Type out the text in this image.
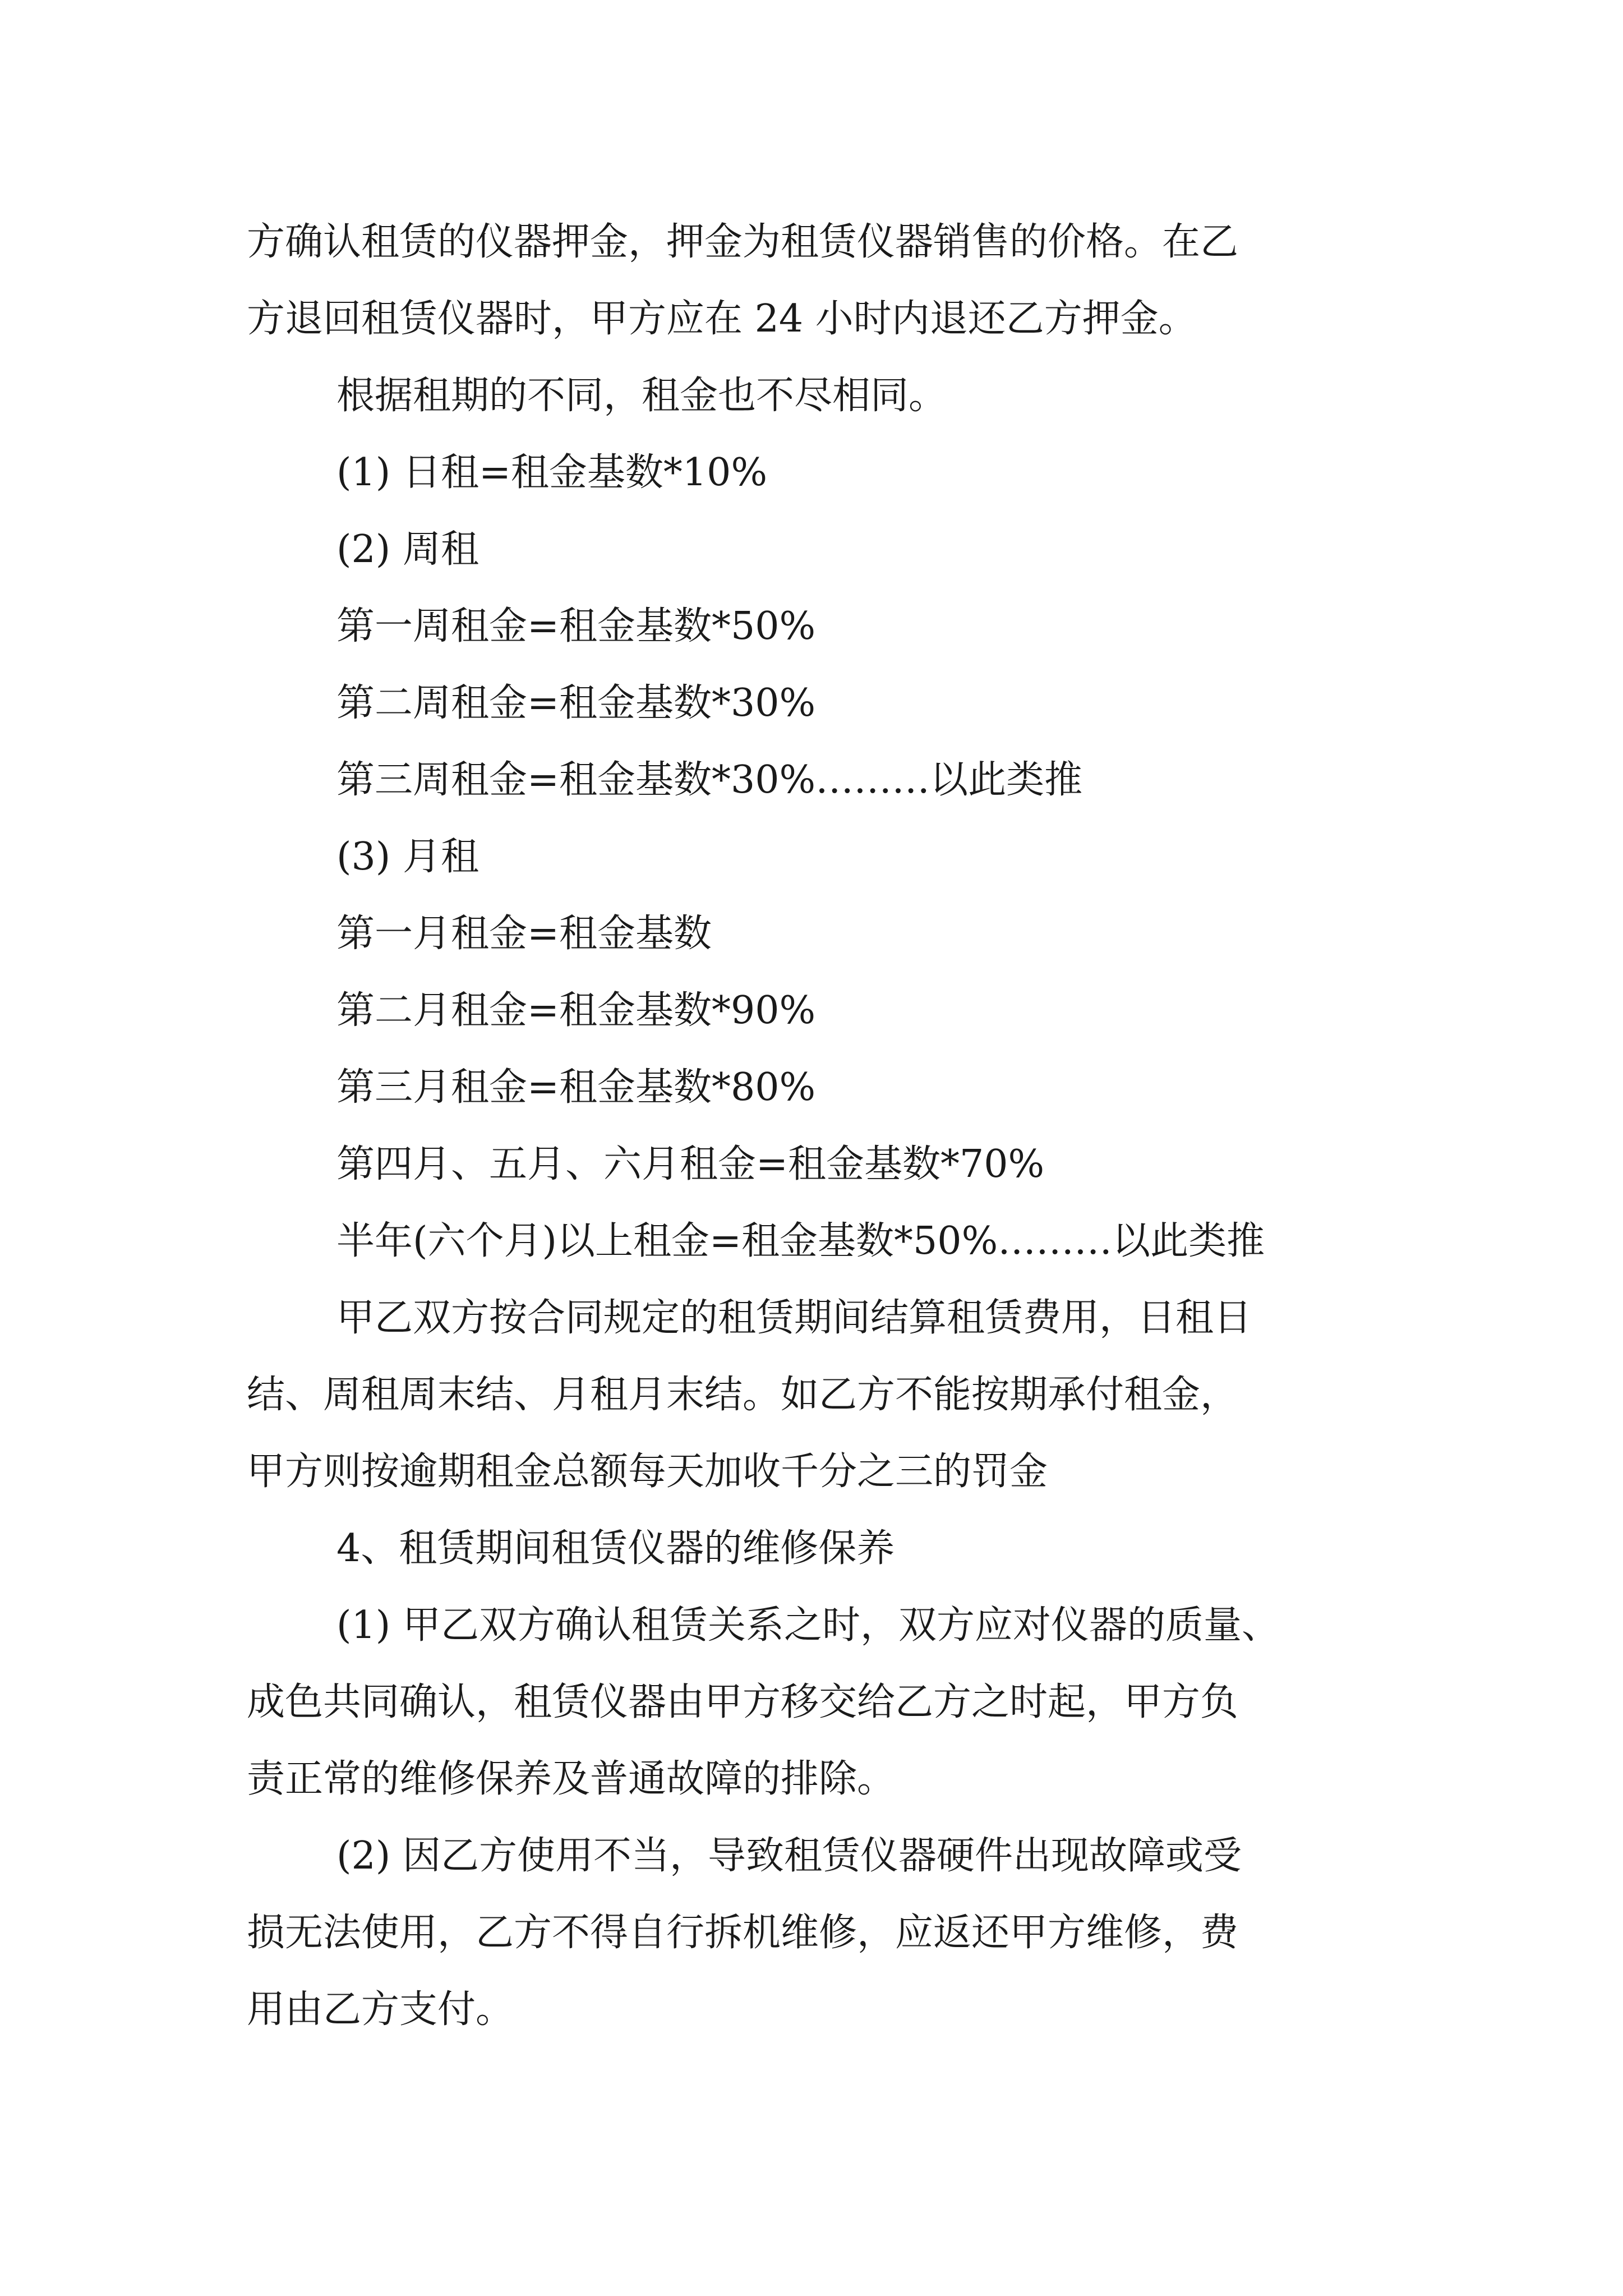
方确认租赁的仪器押金，押金为租赁仪器销售的价格。在乙

方退回租赁仪器时，甲方应在 24 小时内退还乙方押金。

根据租期的不同，租金也不尽相同。

(1) 日租=租金基数*10%

(2) 周租

第一周租金=租金基数*50%

第二周租金=租金基数*30%

第三周租金=租金基数*30%………以此类推

(3) 月租

第一月租金=租金基数

第二月租金=租金基数*90%

第三月租金=租金基数*80%

第四月、五月、六月租金=租金基数*70%

半年(六个月)以上租金=租金基数*50%………以此类推

甲乙双方按合同规定的租赁期间结算租赁费用，日租日

结、周租周末结、月租月末结。如乙方不能按期承付租金，

甲方则按逾期租金总额每天加收千分之三的罚金

4、租赁期间租赁仪器的维修保养

(1) 甲乙双方确认租赁关系之时，双方应对仪器的质量、

成色共同确认，租赁仪器由甲方移交给乙方之时起，甲方负

责正常的维修保养及普通故障的排除。

(2) 因乙方使用不当，导致租赁仪器硬件出现故障或受

损无法使用，乙方不得自行拆机维修，应返还甲方维修，费

用由乙方支付。
